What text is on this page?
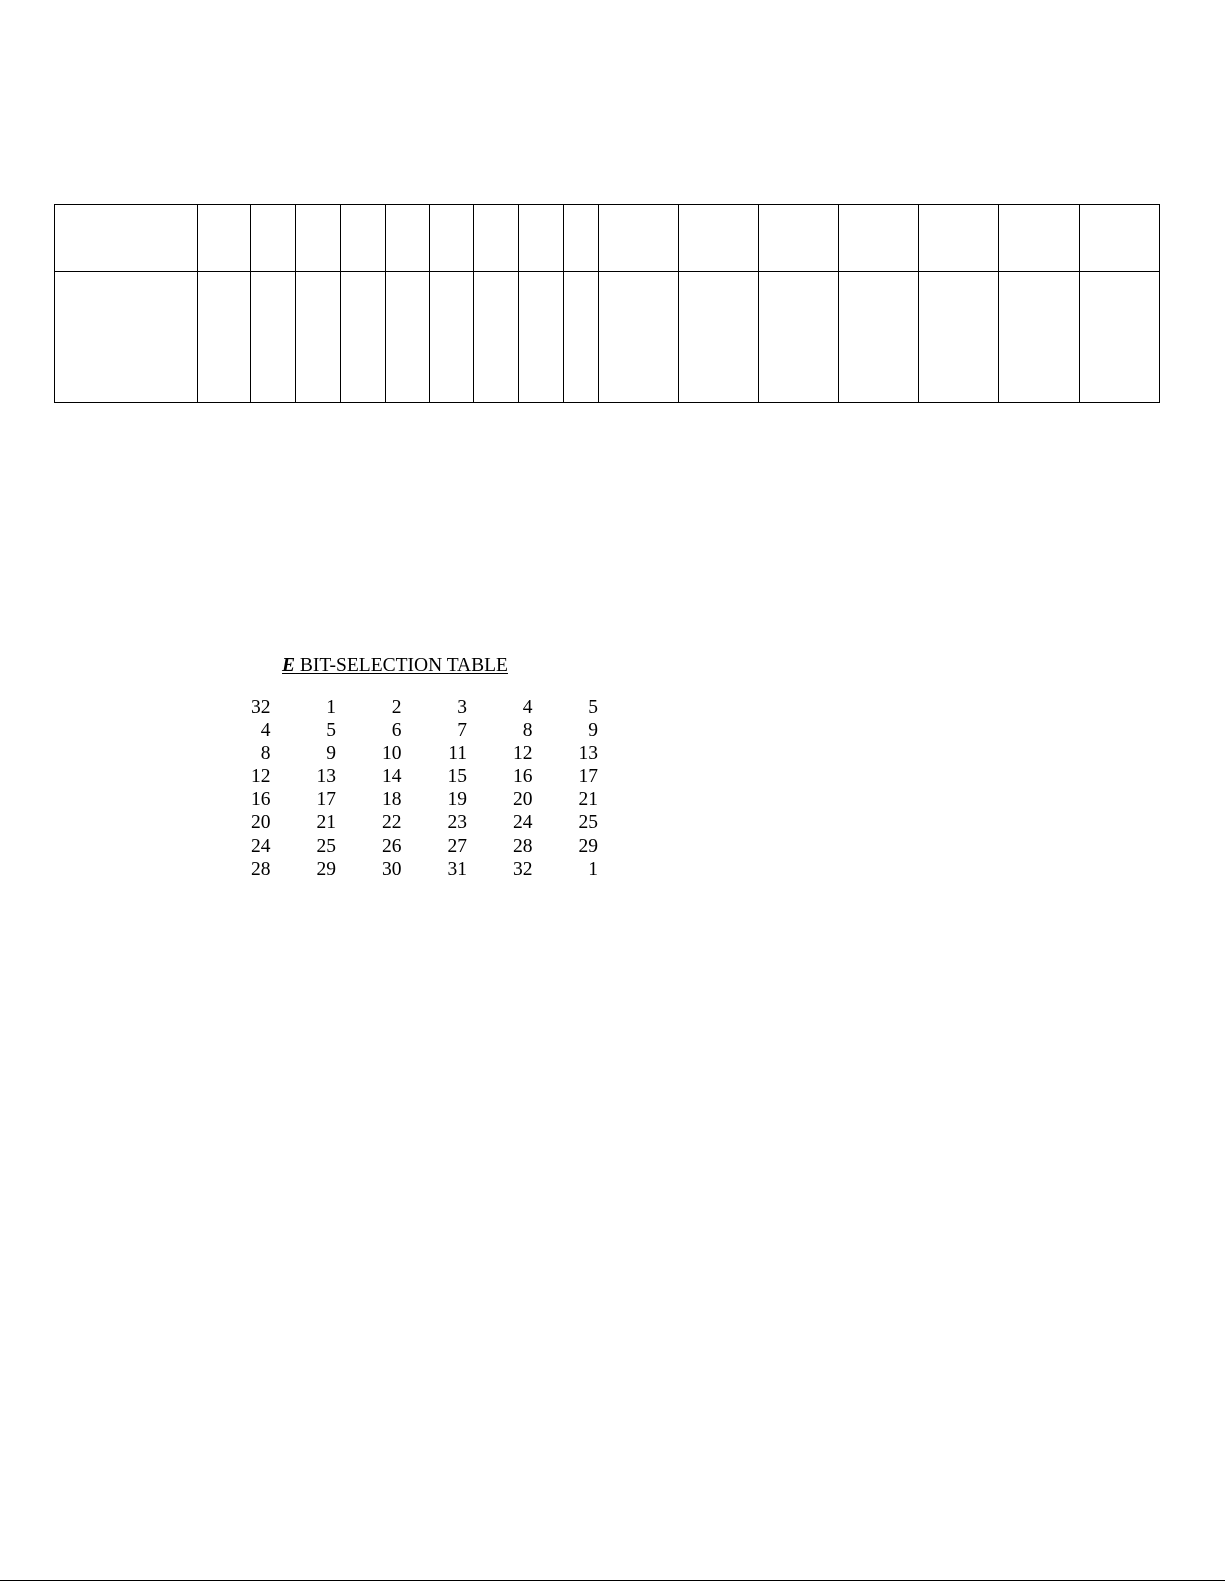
E BIT-SELECTION TABLE
32	1	2	3	4	5
4	5	6	7	8	9
8	9	10	11	12	13
12	13	14	15	16	17
16	17	18	19	20	21
20	21	22	23	24	25
24	25	26	27	28	29
28	29	30	31	32	1
